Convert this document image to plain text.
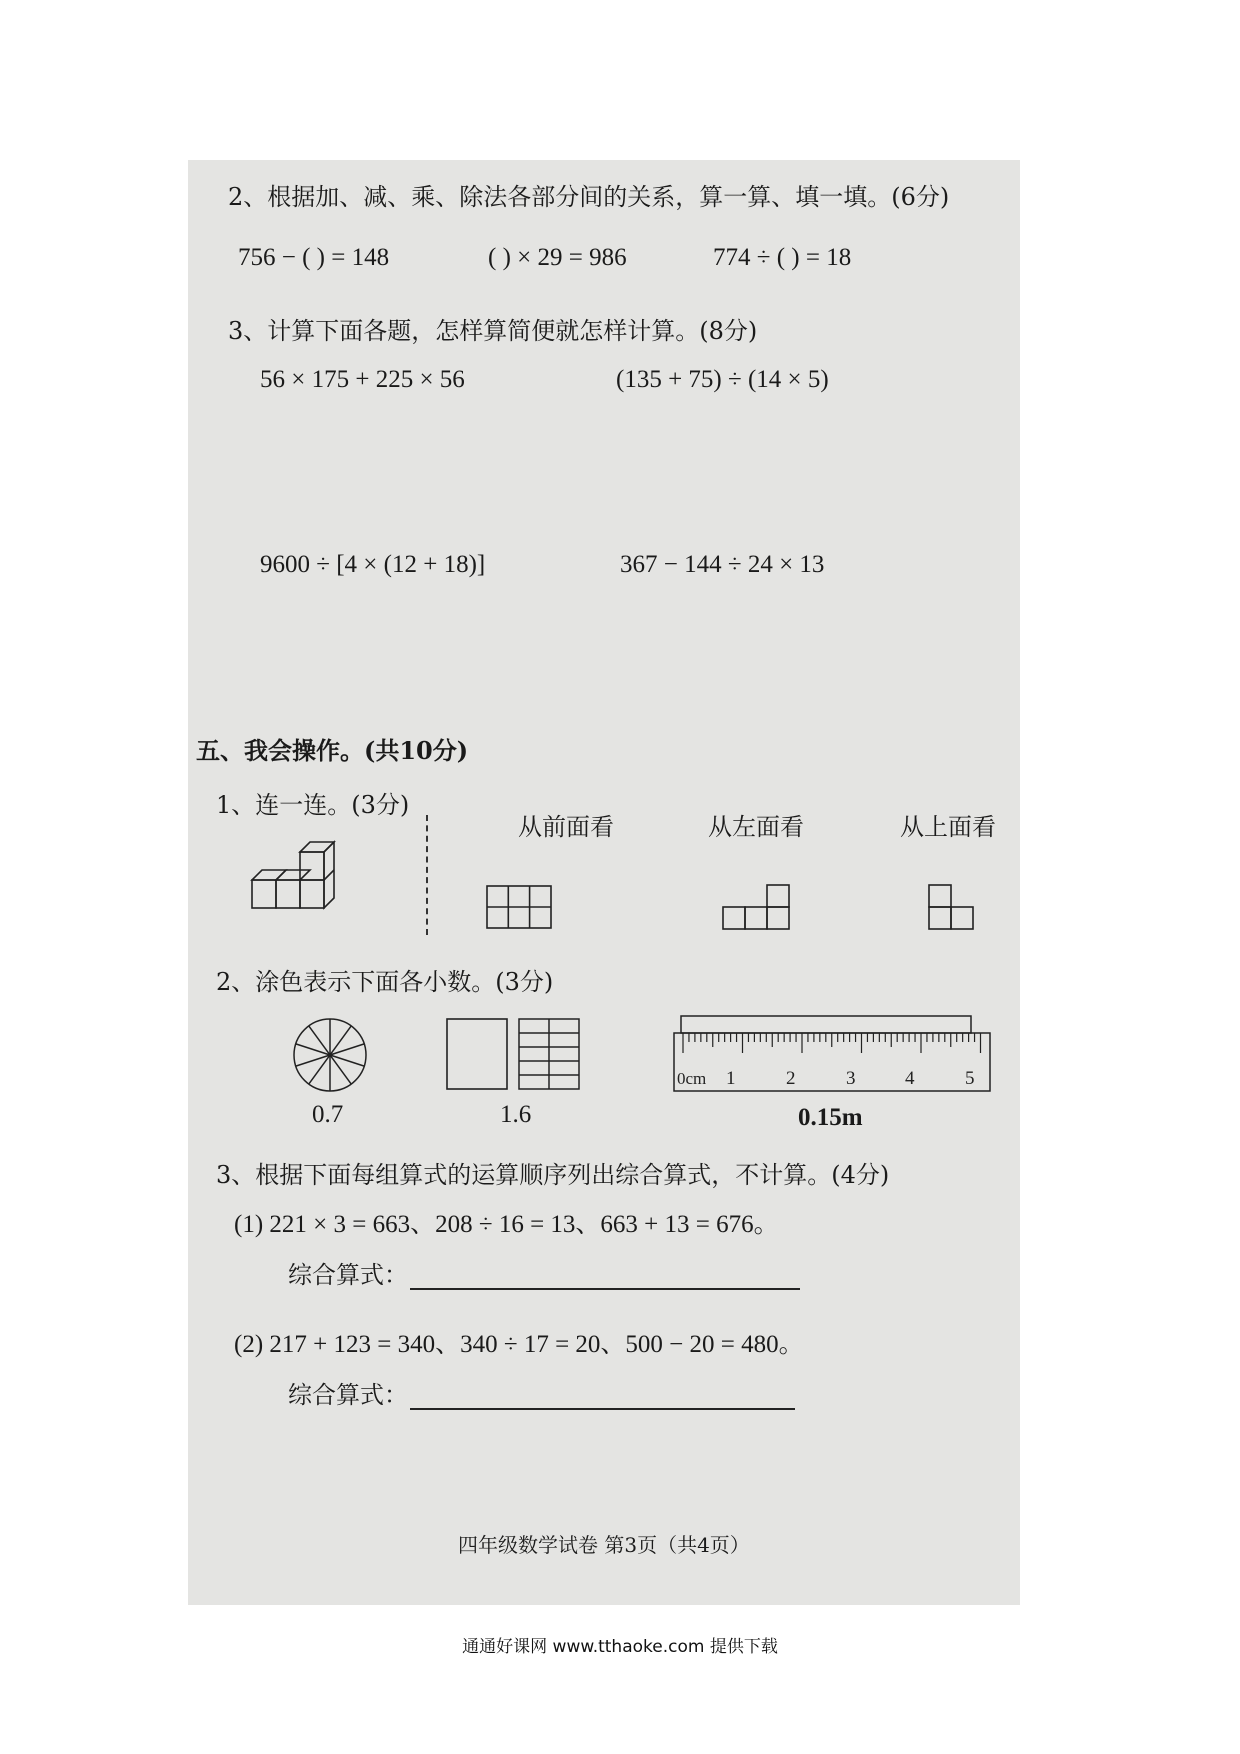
2、根据加、减、乘、除法各部分间的关系，算一算、填一填。(6分)
756 − ( ) = 148	( ) × 29 = 986	774 ÷ ( ) = 18
3、计算下面各题，怎样算简便就怎样计算。(8分)
56 × 175 + 225 × 56	(135 + 75) ÷ (14 × 5)
9600 ÷ [4 × (12 + 18)]	367 − 144 ÷ 24 × 13
五、我会操作。(共10分)
1、连一连。(3分)
从前面看	从左面看	从上面看
2、涂色表示下面各小数。(3分)
0.7	1.6
0cm 1	2	3	4	5
0.15m
3、根据下面每组算式的运算顺序列出综合算式，不计算。(4分)
(1) 221 × 3 = 663、208 ÷ 16 = 13、663 + 13 = 676。
综合算式：
(2) 217 + 123 = 340、340 ÷ 17 = 20、500 − 20 = 480。
综合算式：
四年级数学试卷 第3页（共4页）
通通好课网 www.tthaoke.com 提供下载
